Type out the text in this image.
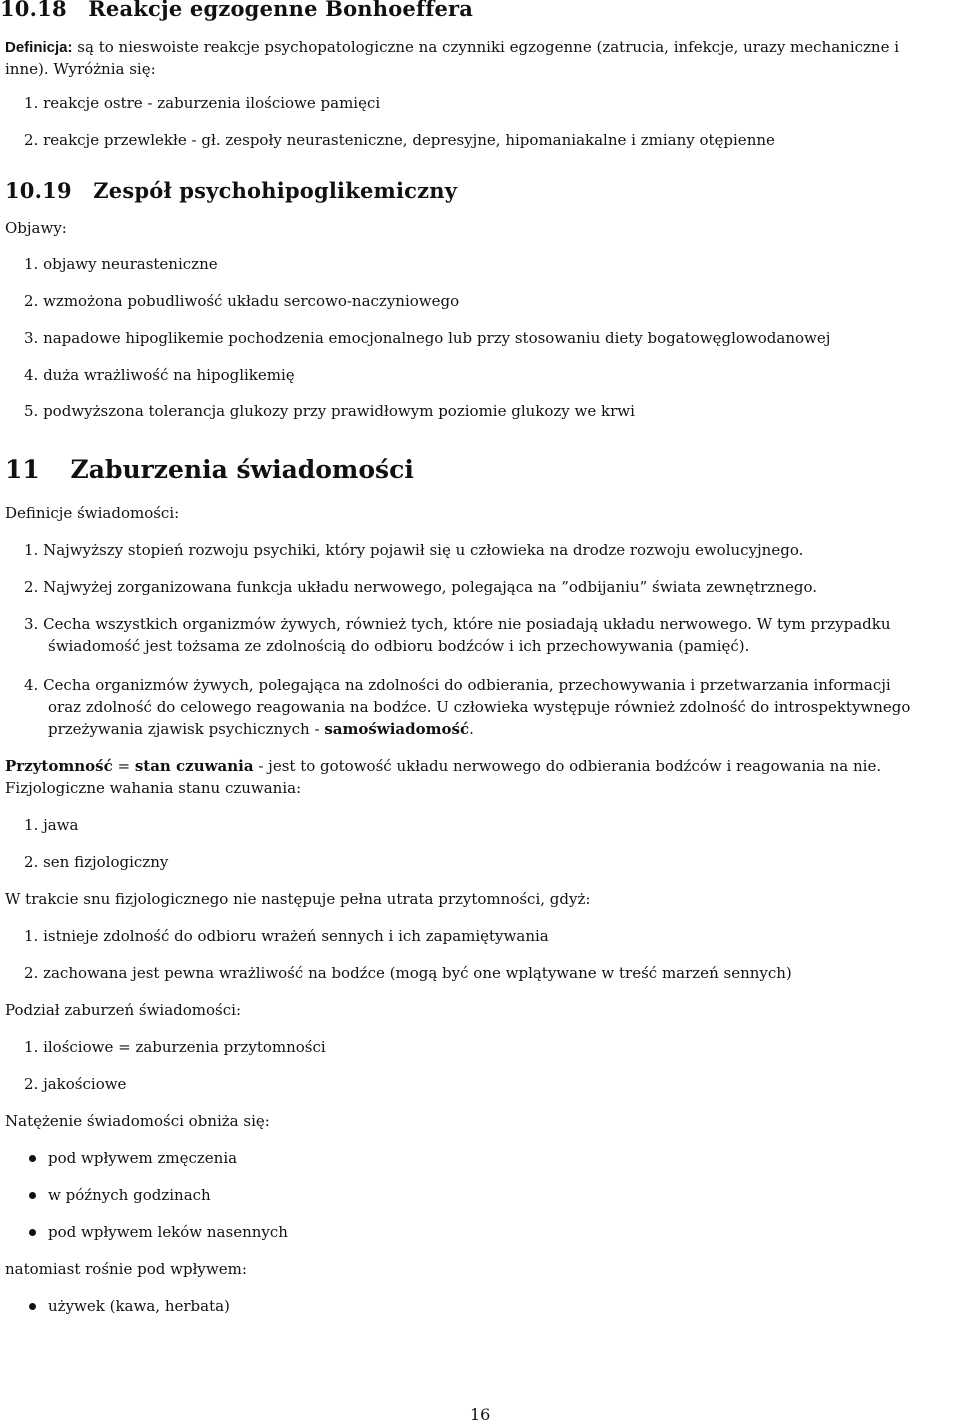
10.18 Reakcje egzogenne Bonhoeffera
Definicja: są to nieswoiste reakcje psychopatologiczne na czynniki egzogenne (zatrucia, infekcje, urazy mechaniczne i
inne). Wyróżnia się:
1. reakcje ostre - zaburzenia ilościowe pamięci
2. reakcje przewlekłe - gł. zespoły neurasteniczne, depresyjne, hipomaniakalne i zmiany otępienne
10.19 Zespół psychohipoglikemiczny
Objawy:
1. objawy neurasteniczne
2. wzmożona pobudliwość układu sercowo-naczyniowego
3. napadowe hipoglikemie pochodzenia emocjonalnego lub przy stosowaniu diety bogatowęglowodanowej
4. duża wrażliwość na hipoglikemię
5. podwyższona tolerancja glukozy przy prawidłowym poziomie glukozy we krwi
11 Zaburzenia świadomości
Definicje świadomości:
1. Najwyższy stopień rozwoju psychiki, który pojawił się u człowieka na drodze rozwoju ewolucyjnego.
2. Najwyżej zorganizowana funkcja układu nerwowego, polegająca na ”odbijaniu” świata zewnętrznego.
3. Cecha wszystkich organizmów żywych, również tych, które nie posiadają układu nerwowego. W tym przypadku
świadomość jest tożsama ze zdolnością do odbioru bodźców i ich przechowywania (pamięć).
4. Cecha organizmów żywych, polegająca na zdolności do odbierania, przechowywania i przetwarzania informacji
oraz zdolność do celowego reagowania na bodźce. U człowieka występuje również zdolność do introspektywnego
przeżywania zjawisk psychicznych - samoświadomość.
Przytomność = stan czuwania - jest to gotowość układu nerwowego do odbierania bodźców i reagowania na nie.
Fizjologiczne wahania stanu czuwania:
1. jawa
2. sen fizjologiczny
W trakcie snu fizjologicznego nie następuje pełna utrata przytomności, gdyż:
1. istnieje zdolność do odbioru wrażeń sennych i ich zapamiętywania
2. zachowana jest pewna wrażliwość na bodźce (mogą być one wplątywane w treść marzeń sennych)
Podział zaburzeń świadomości:
1. ilościowe = zaburzenia przytomności
2. jakościowe
Natężenie świadomości obniża się:
pod wpływem zmęczenia
w późnych godzinach
pod wpływem leków nasennych
natomiast rośnie pod wpływem:
używek (kawa, herbata)
16
